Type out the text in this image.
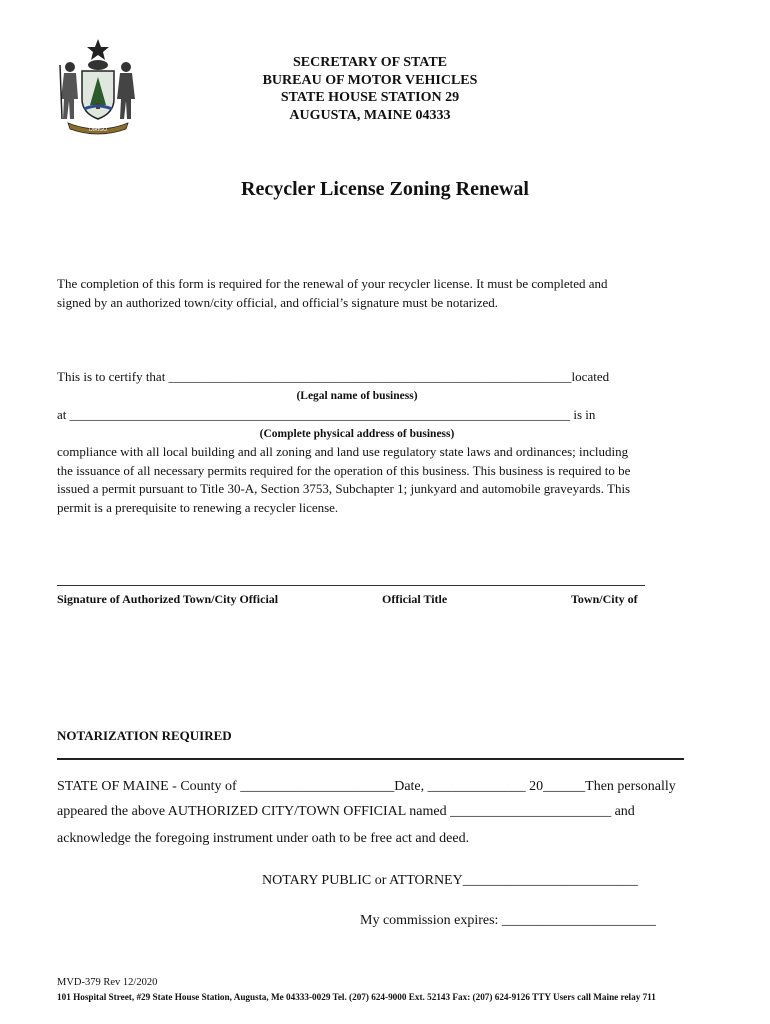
DIRIGO
SECRETARY OF STATE
BUREAU OF MOTOR VEHICLES
STATE HOUSE STATION 29
AUGUSTA, MAINE 04333
Recycler License Zoning Renewal
The completion of this form is required for the renewal of your recycler license. It must be completed and
signed by an authorized town/city official, and official’s signature must be notarized.
This is to certify that ______________________________________________________________located
(Legal name of business)
at _____________________________________________________________________________ is in
(Complete physical address of business)
compliance with all local building and all zoning and land use regulatory state laws and ordinances; including
the issuance of all necessary permits required for the operation of this business. This business is required to be
issued a permit pursuant to Title 30-A, Section 3753, Subchapter 1; junkyard and automobile graveyards. This
permit is a prerequisite to renewing a recycler license.
Signature of Authorized Town/City Official	Official Title	Town/City of
NOTARIZATION REQUIRED
STATE OF MAINE - County of ______________________Date, ______________ 20______Then personally
appeared the above AUTHORIZED CITY/TOWN OFFICIAL named _______________________ and
acknowledge the foregoing instrument under oath to be free act and deed.
NOTARY PUBLIC or ATTORNEY_________________________
My commission expires: ______________________
MVD-379 Rev 12/2020
101 Hospital Street, #29 State House Station, Augusta, Me 04333-0029 Tel. (207) 624-9000 Ext. 52143 Fax: (207) 624-9126 TTY Users call Maine relay 711
